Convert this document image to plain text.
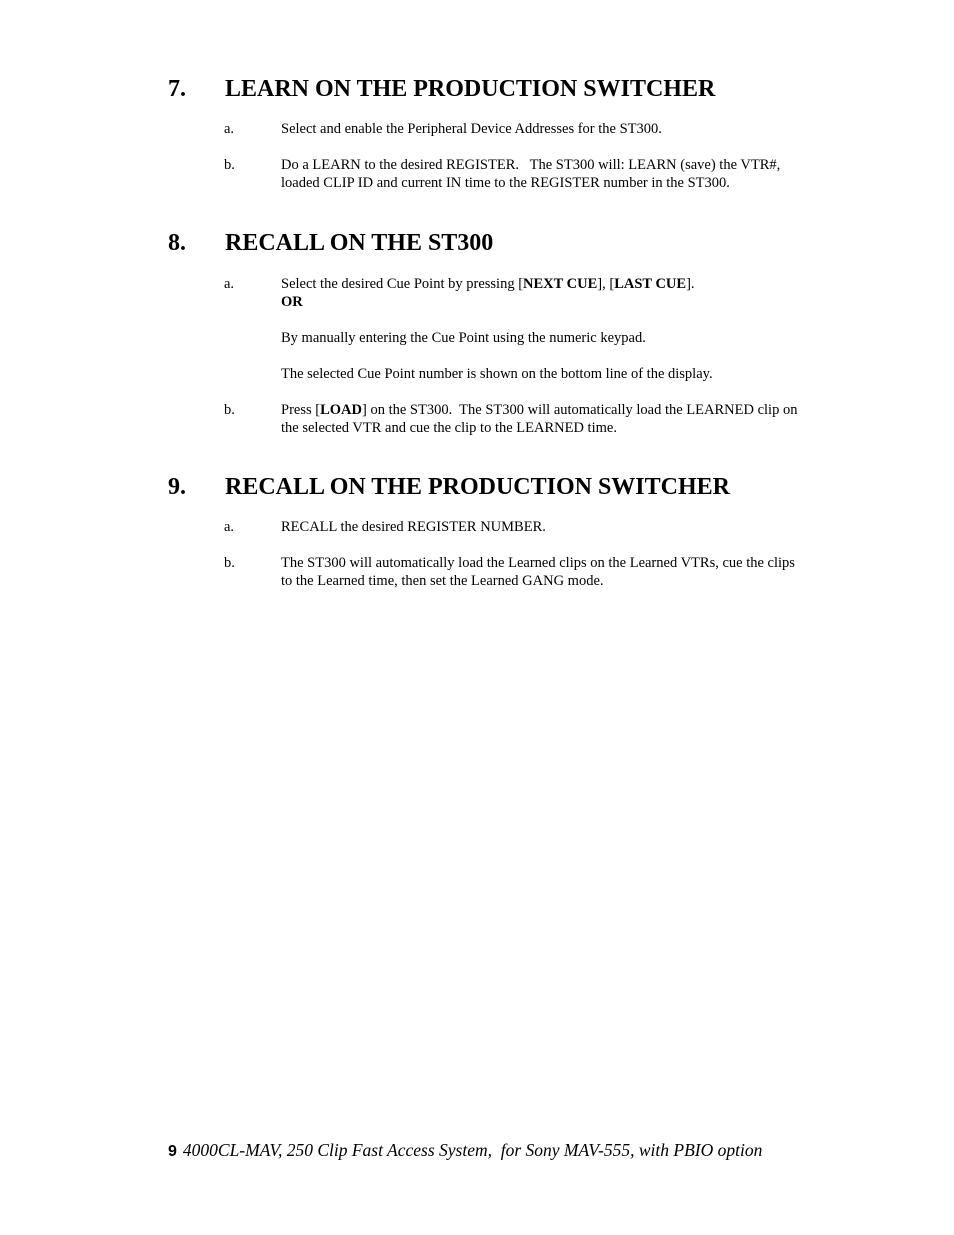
7. LEARN ON THE PRODUCTION SWITCHER
a.	Select and enable the Peripheral Device Addresses for the ST300.

b.	Do a LEARN to the desired REGISTER.   The ST300 will: LEARN (save) the VTR#,

loaded CLIP ID and current IN time to the REGISTER number in the ST300.

8. RECALL ON THE ST300
a.	Select the desired Cue Point by pressing [NEXT CUE], [LAST CUE].

OR

By manually entering the Cue Point using the numeric keypad.

The selected Cue Point number is shown on the bottom line of the display.

b.	Press [LOAD] on the ST300.  The ST300 will automatically load the LEARNED clip on

the selected VTR and cue the clip to the LEARNED time.

9. RECALL ON THE PRODUCTION SWITCHER
a.	RECALL the desired REGISTER NUMBER.

b.	The ST300 will automatically load the Learned clips on the Learned VTRs, cue the clips

to the Learned time, then set the Learned GANG mode.

9 4000CL-MAV, 250 Clip Fast Access System,  for Sony MAV-555, with PBIO option
